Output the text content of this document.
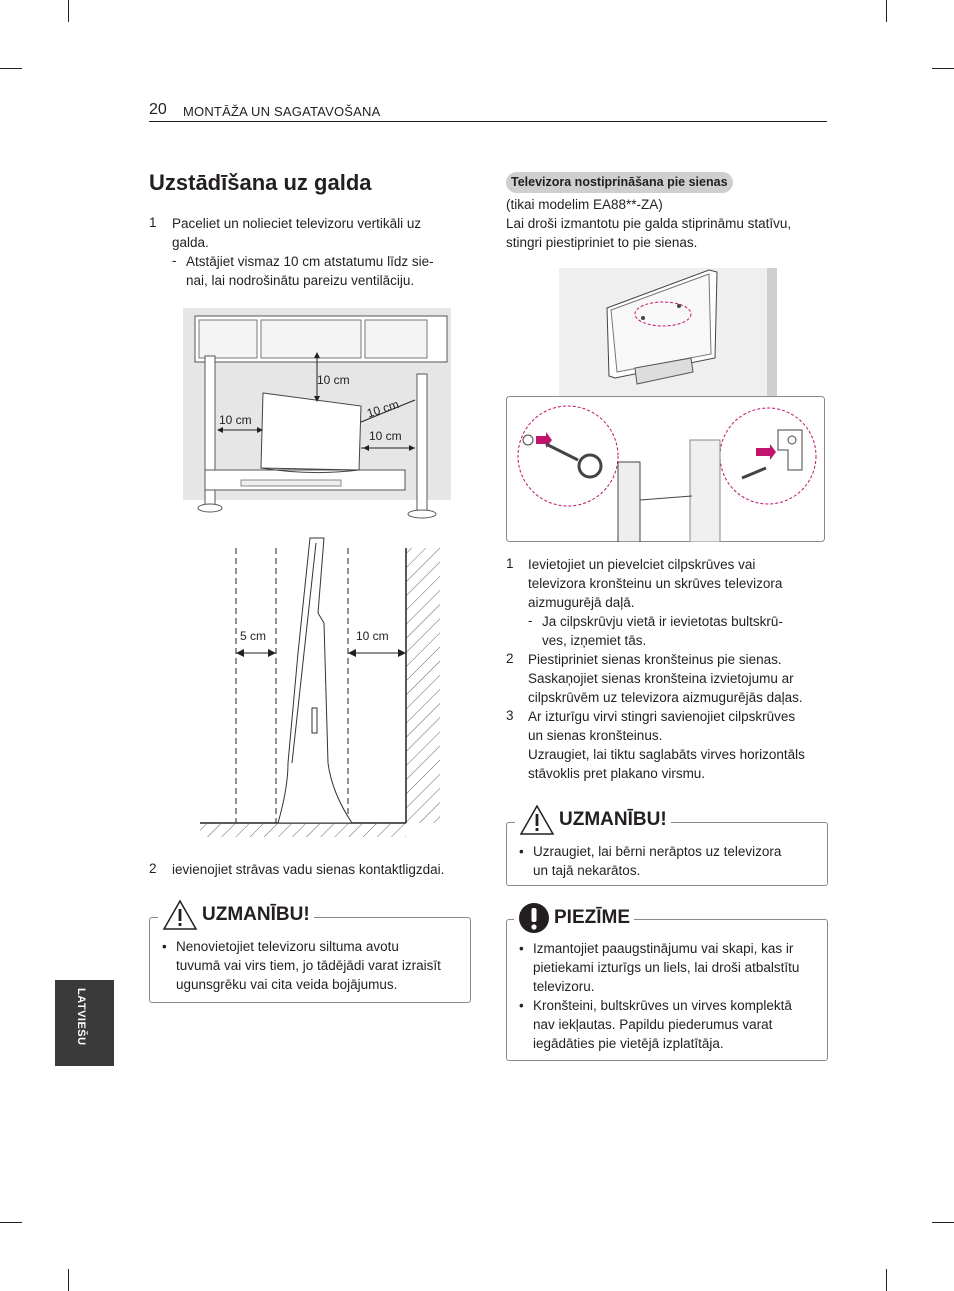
20 MONTĀŽA UN SAGATAVOŠANA
Uzstādīšana uz galda
1 Paceliet un nolieciet televizoru vertikāli uz
galda.
- Atstājiet vismaz 10 cm atstatumu līdz sie-
nai, lai nodrošinātu pareizu ventilāciju.
10 cm
10 cm	10 cm
10 cm
5 cm	10 cm
2 ievienojiet strāvas vadu sienas kontaktligzdai.
UZMANĪBU!
• Nenovietojiet televizoru siltuma avotu
tuvumā vai virs tiem, jo tādējādi varat izraisīt
ugunsgrēku vai cita veida bojājumus.
Televizora nostiprināšana pie sienas
(tikai modelim EA88**-ZA)
Lai droši izmantotu pie galda stiprināmu statīvu,
stingri piestipriniet to pie sienas.
1 Ievietojiet un pievelciet cilpskrūves vai
televizora kronšteinu un skrūves televizora
aizmugurējā daļā.
- Ja cilpskrūvju vietā ir ievietotas bultskrū-
ves, izņemiet tās.
2 Piestipriniet sienas kronšteinus pie sienas.
Saskaņojiet sienas kronšteina izvietojumu ar
cilpskrūvēm uz televizora aizmugurējās daļas.
3 Ar izturīgu virvi stingri savienojiet cilpskrūves
un sienas kronšteinus.
Uzraugiet, lai tiktu saglabāts virves horizontāls
stāvoklis pret plakano virsmu.
UZMANĪBU!
• Uzraugiet, lai bērni nerāptos uz televizora
un tajā nekarātos.
PIEZĪME
• Izmantojiet paaugstinājumu vai skapi, kas ir
pietiekami izturīgs un liels, lai droši atbalstītu
televizoru.
• Kronšteini, bultskrūves un virves komplektā
nav iekļautas. Papildu piederumus varat
iegādāties pie vietējā izplatītāja.
LATVIEŠU
